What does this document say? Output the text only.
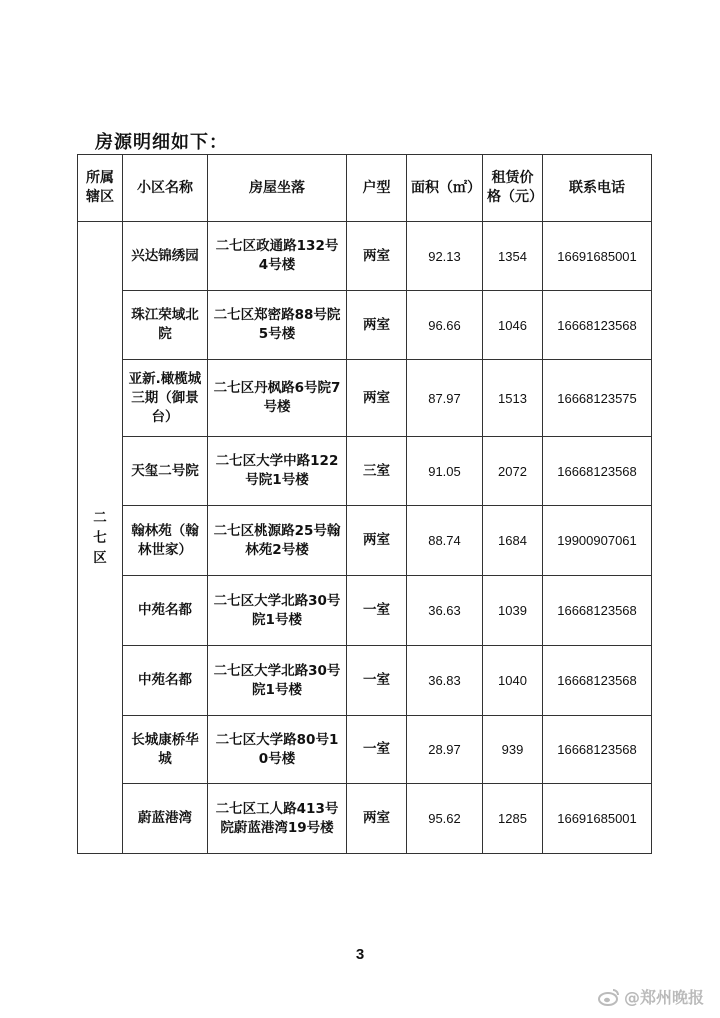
房源明细如下：
所属辖区	小区名称	房屋坐落	户型	面积（㎡）	租赁价格（元）	联系电话
二七区	兴达锦绣园	二七区政通路132号4号楼	两室	92.13	1354	16691685001
	珠江荣域北院	二七区郑密路88号院5号楼	两室	96.66	1046	16668123568
	亚新.橄榄城三期（御景台）	二七区丹枫路6号院7号楼	两室	87.97	1513	16668123575
	天玺二号院	二七区大学中路122号院1号楼	三室	91.05	2072	16668123568
	翰林苑（翰林世家）	二七区桃源路25号翰林苑2号楼	两室	88.74	1684	19900907061
	中苑名都	二七区大学北路30号院1号楼	一室	36.63	1039	16668123568
	中苑名都	二七区大学北路30号院1号楼	一室	36.83	1040	16668123568
	长城康桥华城	二七区大学路80号10号楼	一室	28.97	939	16668123568
	蔚蓝港湾	二七区工人路413号院蔚蓝港湾19号楼	两室	95.62	1285	16691685001
3
@郑州晚报
